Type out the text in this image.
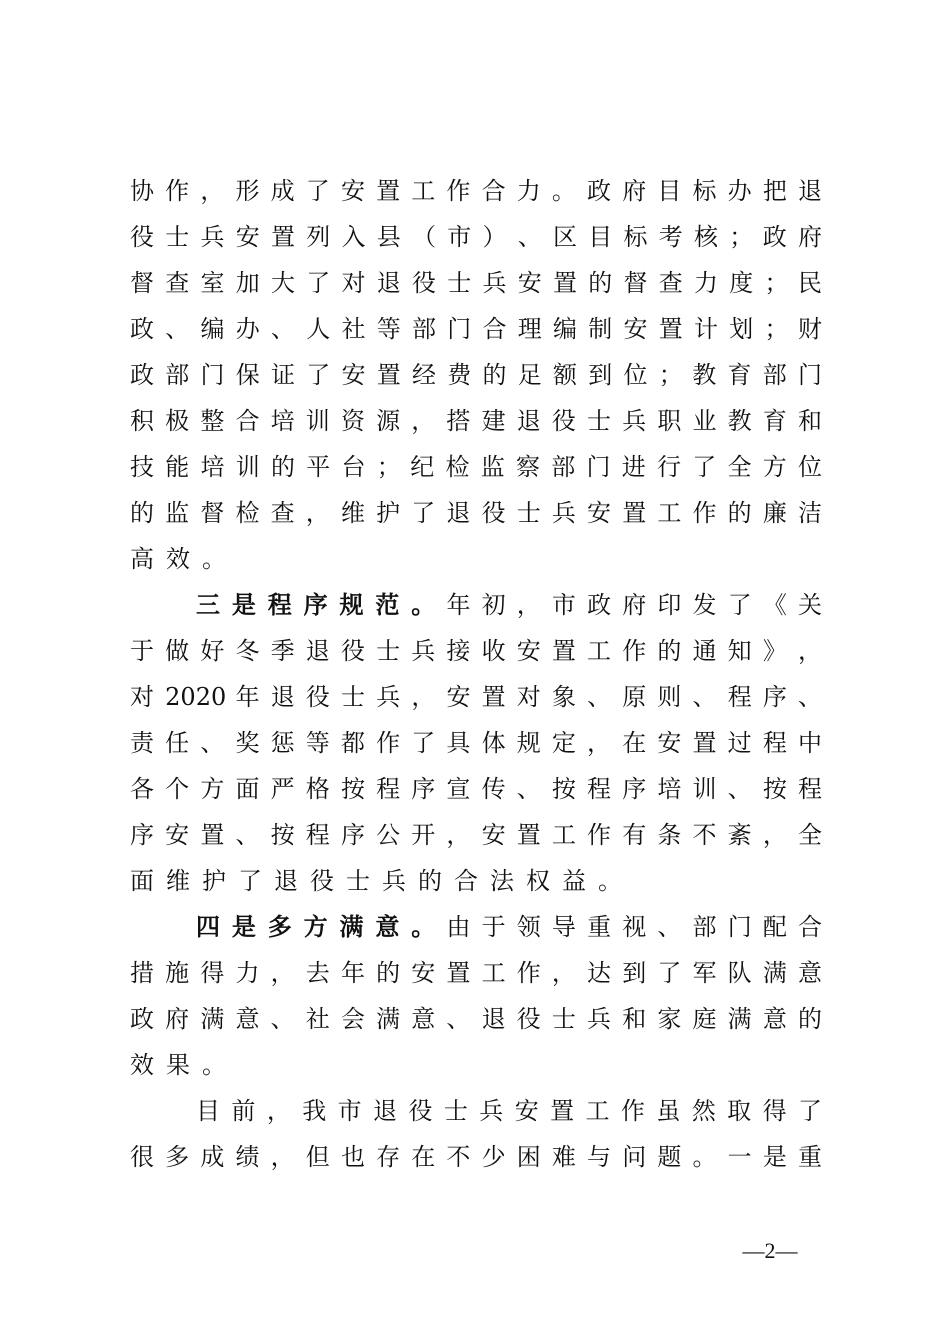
协 作 ， 形 成 了 安 置 工 作 合 力 。 政 府 目 标 办 把 退
役 士 兵 安 置 列 入 县 （ 市 ） 、 区 目 标 考 核 ； 政 府
督 查 室 加 大 了 对 退 役 士 兵 安 置 的 督 查 力 度 ； 民
政 、 编 办 、 人 社 等 部 门 合 理 编 制 安 置 计 划 ； 财
政 部 门 保 证 了 安 置 经 费 的 足 额 到 位 ； 教 育 部 门
积 极 整 合 培 训 资 源 ， 搭 建 退 役 士 兵 职 业 教 育 和
技 能 培 训 的 平 台 ； 纪 检 监 察 部 门 进 行 了 全 方 位
的 监 督 检 查 ， 维 护 了 退 役 士 兵 安 置 工 作 的 廉 洁
高效。
三 是 程 序 规 范 。 年 初 ， 市 政 府 印 发 了 《 关
于 做 好 冬 季 退 役 士 兵 接 收 安 置 工 作 的 通 知 》 ，
对 2020 年 退 役 士 兵 ， 安 置 对 象 、 原 则 、 程 序 、
责 任 、 奖 惩 等 都 作 了 具 体 规 定 ， 在 安 置 过 程 中
各 个 方 面 严 格 按 程 序 宣 传 、 按 程 序 培 训 、 按 程
序 安 置 、 按 程 序 公 开 ， 安 置 工 作 有 条 不 紊 ， 全
面维护了退役士兵的合法权益。
四 是 多 方 满 意 。 由 于 领 导 重 视 、 部 门 配 合
措 施 得 力 ， 去 年 的 安 置 工 作 ， 达 到 了 军 队 满 意
政 府 满 意 、 社 会 满 意 、 退 役 士 兵 和 家 庭 满 意 的
效果。
目 前 ， 我 市 退 役 士 兵 安 置 工 作 虽 然 取 得 了
很 多 成 绩 ， 但 也 存 在 不 少 困 难 与 问 题 。 一 是 重
—2—
